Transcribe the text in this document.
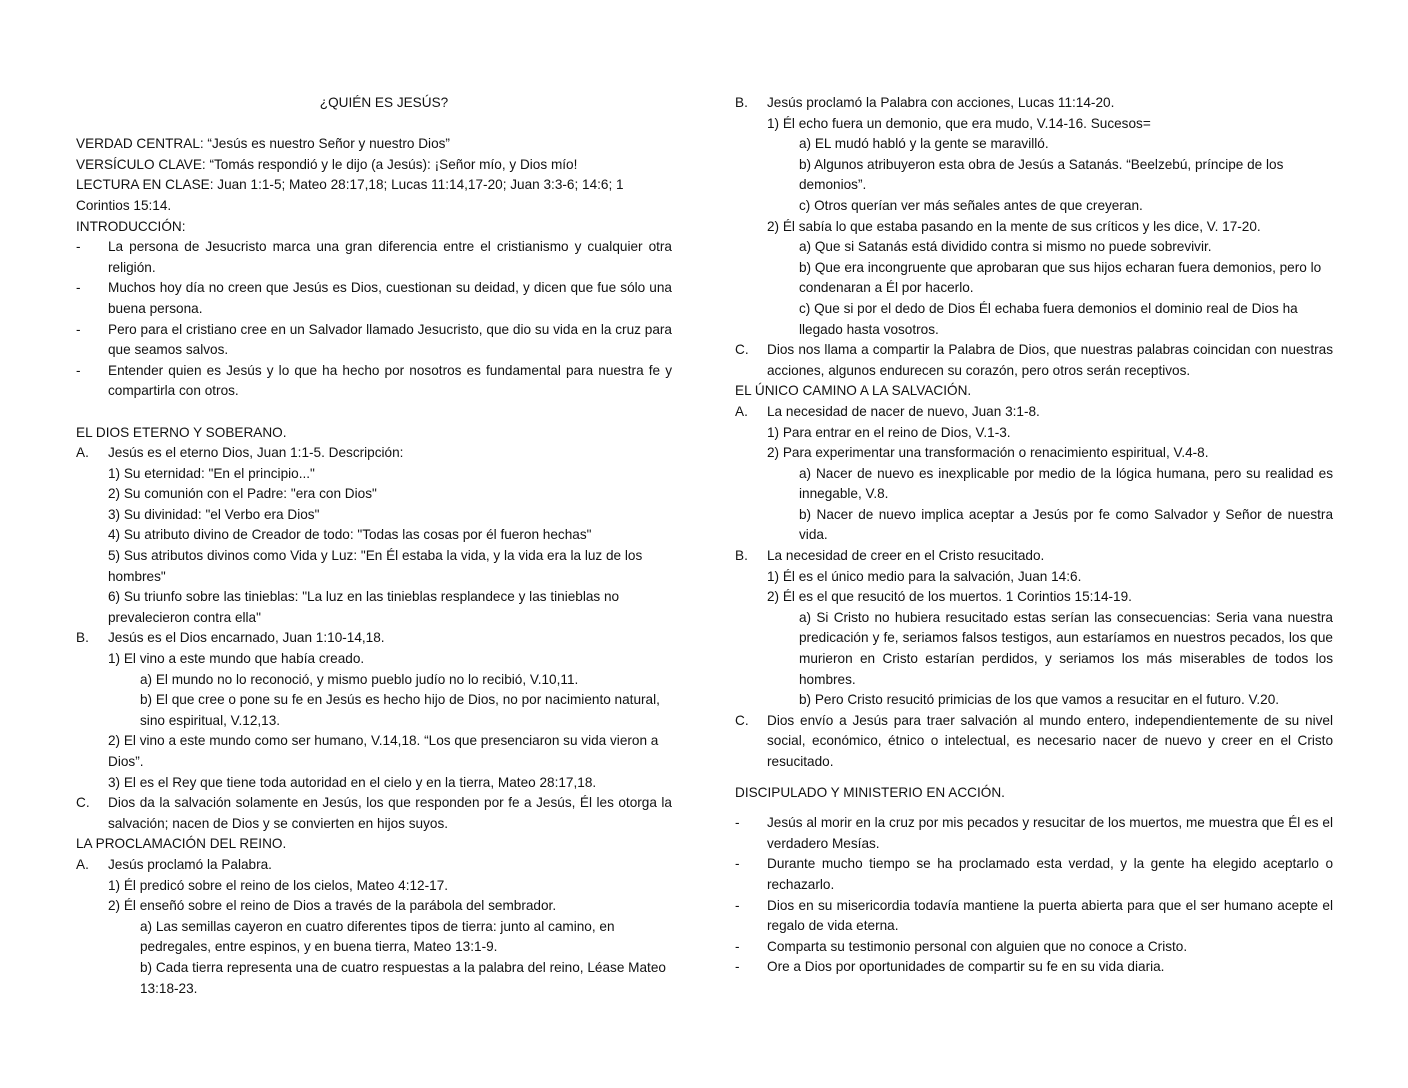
¿QUIÉN ES JESÚS?
VERDAD CENTRAL: “Jesús es nuestro Señor y nuestro Dios”
VERSÍCULO CLAVE: “Tomás respondió y le dijo (a Jesús): ¡Señor mío, y Dios mío!
LECTURA EN CLASE: Juan 1:1-5; Mateo 28:17,18; Lucas 11:14,17-20; Juan 3:3-6; 14:6; 1 Corintios 15:14.
INTRODUCCIÓN:
-	La persona de Jesucristo marca una gran diferencia entre el cristianismo y cualquier otra religión.
-	Muchos hoy día no creen que Jesús es Dios, cuestionan su deidad, y dicen que fue sólo una buena persona.
-	Pero para el cristiano cree en un Salvador llamado Jesucristo, que dio su vida en la cruz para que seamos salvos.
-	Entender quien es Jesús y lo que ha hecho por nosotros es fundamental para nuestra fe y compartirla con otros.
EL DIOS ETERNO Y SOBERANO.
A.	Jesús es el eterno Dios, Juan 1:1-5. Descripción:
1) Su eternidad: "En el principio..."
2) Su comunión con el Padre: "era con Dios"
3) Su divinidad: "el Verbo era Dios"
4) Su atributo divino de Creador de todo: "Todas las cosas por él fueron hechas"
5) Sus atributos divinos como Vida y Luz: "En Él estaba la vida, y la vida era la luz de los hombres"
6) Su triunfo sobre las tinieblas: "La luz en las tinieblas resplandece y las tinieblas no prevalecieron contra ella"
B.	Jesús es el Dios encarnado, Juan 1:10-14,18.
1) El vino a este mundo que había creado.
a) El mundo no lo reconoció, y mismo pueblo judío no lo recibió, V.10,11.
b) El que cree o pone su fe en Jesús es hecho hijo de Dios, no por nacimiento natural, sino espiritual, V.12,13.
2) El vino a este mundo como ser humano, V.14,18. “Los que presenciaron su vida vieron a Dios”.
3) El es el Rey que tiene toda autoridad en el cielo y en la tierra, Mateo 28:17,18.
C.	Dios da la salvación solamente en Jesús, los que responden por fe a Jesús, Él les otorga la salvación; nacen de Dios y se convierten en hijos suyos.
LA PROCLAMACIÓN DEL REINO.
A.	Jesús proclamó la Palabra.
1) Él predicó sobre el reino de los cielos, Mateo 4:12-17.
2) Él enseñó sobre el reino de Dios a través de la parábola del sembrador.
a) Las semillas cayeron en cuatro diferentes tipos de tierra: junto al camino, en pedregales, entre espinos, y en buena tierra, Mateo 13:1-9.
b) Cada tierra representa una de cuatro respuestas a la palabra del reino, Léase Mateo 13:18-23.
B.	Jesús proclamó la Palabra con acciones, Lucas 11:14-20.
1) Él echo fuera un demonio, que era mudo, V.14-16. Sucesos=
a) EL mudó habló y la gente se maravilló.
b) Algunos atribuyeron esta obra de Jesús a Satanás. “Beelzebú, príncipe de los demonios”.
c) Otros querían ver más señales antes de que creyeran.
2) Él sabía lo que estaba pasando en la mente de sus críticos y les dice, V. 17-20.
a) Que si Satanás está dividido contra si mismo no puede sobrevivir.
b) Que era incongruente que aprobaran que sus hijos echaran fuera demonios, pero lo condenaran a Él por hacerlo.
c) Que si por el dedo de Dios Él echaba fuera demonios el dominio real de Dios ha llegado hasta vosotros.
C.	Dios nos llama a compartir la Palabra de Dios, que nuestras palabras coincidan con nuestras acciones, algunos endurecen su corazón, pero otros serán receptivos.
EL ÚNICO CAMINO A LA SALVACIÓN.
A.	La necesidad de nacer de nuevo, Juan 3:1-8.
1) Para entrar en el reino de Dios, V.1-3.
2) Para experimentar una transformación o renacimiento espiritual, V.4-8.
a) Nacer de nuevo es inexplicable por medio de la lógica humana, pero su realidad es innegable, V.8.
b) Nacer de nuevo implica aceptar a Jesús por fe como Salvador y Señor de nuestra vida.
B.	La necesidad de creer en el Cristo resucitado.
1) Él es el único medio para la salvación, Juan 14:6.
2) Él es el que resucitó de los muertos. 1 Corintios 15:14-19.
a) Si Cristo no hubiera resucitado estas serían las consecuencias: Seria vana nuestra predicación y fe, seriamos falsos testigos, aun estaríamos en nuestros pecados, los que murieron en Cristo estarían perdidos, y seriamos los más miserables de todos los hombres.
b) Pero Cristo resucitó primicias de los que vamos a resucitar en el futuro. V.20.
C.	Dios envío a Jesús para traer salvación al mundo entero, independientemente de su nivel social, económico, étnico o intelectual, es necesario nacer de nuevo y creer en el Cristo resucitado.
DISCIPULADO Y MINISTERIO EN ACCIÓN.
-	Jesús al morir en la cruz por mis pecados y resucitar de los muertos, me muestra que Él es el verdadero Mesías.
-	Durante mucho tiempo se ha proclamado esta verdad, y la gente ha elegido aceptarlo o rechazarlo.
-	Dios en su misericordia todavía mantiene la puerta abierta para que el ser humano acepte el regalo de vida eterna.
-	Comparta su testimonio personal con alguien que no conoce a Cristo.
-	Ore a Dios por oportunidades de compartir su fe en su vida diaria.
